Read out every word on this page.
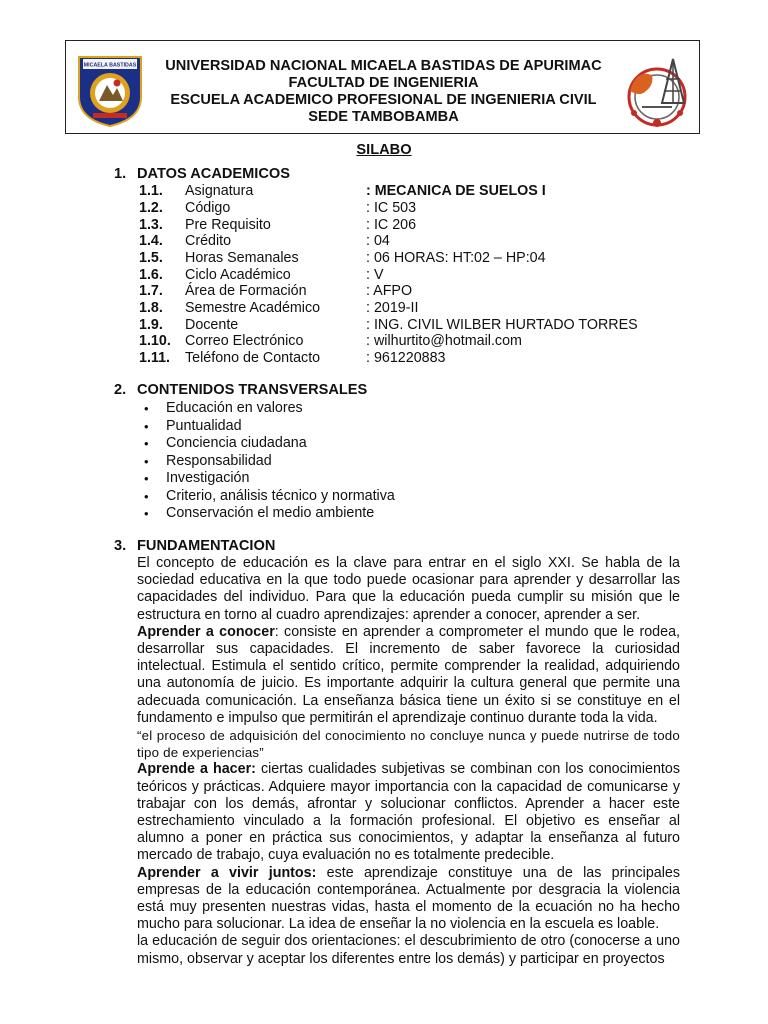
MICAELA BASTIDAS	UNIVERSIDAD NACIONAL MICAELA BASTIDAS DE APURIMAC
FACULTAD DE INGENIERIA
ESCUELA ACADEMICO PROFESIONAL DE INGENIERIA CIVIL
SEDE TAMBOBAMBA
SILABO
1. DATOS ACADEMICOS
1.1. Asignatura	: MECANICA DE SUELOS I
1.2. Código	: IC 503
1.3. Pre Requisito	: IC 206
1.4. Crédito	: 04
1.5. Horas Semanales	: 06 HORAS: HT:02 – HP:04
1.6. Ciclo Académico	: V
1.7. Área de Formación	: AFPO
1.8. Semestre Académico	: 2019-II
1.9. Docente	: ING. CIVIL WILBER HURTADO TORRES
1.10. Correo Electrónico	: wilhurtito@hotmail.com
1.11. Teléfono de Contacto	: 961220883
2. CONTENIDOS TRANSVERSALES
• Educación en valores
• Puntualidad
• Conciencia ciudadana
• Responsabilidad
• Investigación
• Criterio, análisis técnico y normativa
• Conservación el medio ambiente
3. FUNDAMENTACION

El concepto de educación es la clave para entrar en el siglo XXI. Se habla de la sociedad educativa en la que todo puede ocasionar para aprender y desarrollar las capacidades del individuo. Para que la educación pueda cumplir su misión que le estructura en torno al cuadro aprendizajes: aprender a conocer, aprender a ser.

Aprender a conocer: consiste en aprender a comprometer el mundo que le rodea, desarrollar sus capacidades. El incremento de saber favorece la curiosidad intelectual. Estimula el sentido crítico, permite comprender la realidad, adquiriendo una autonomía de juicio. Es importante adquirir la cultura general que permite una adecuada comunicación. La enseñanza básica tiene un éxito si se constituye en el fundamento e impulso que permitirán el aprendizaje continuo durante toda la vida.

“el proceso de adquisición del conocimiento no concluye nunca y puede nutrirse de todo tipo de experiencias”

Aprende a hacer: ciertas cualidades subjetivas se combinan con los conocimientos teóricos y prácticas. Adquiere mayor importancia con la capacidad de comunicarse y trabajar con los demás, afrontar y solucionar conflictos. Aprender a hacer este estrechamiento vinculado a la formación profesional. El objetivo es enseñar al alumno a poner en práctica sus conocimientos, y adaptar la enseñanza al futuro mercado de trabajo, cuya evaluación no es totalmente predecible.

Aprender a vivir juntos: este aprendizaje constituye una de las principales empresas de la educación contemporánea. Actualmente por desgracia la violencia está muy presenten nuestras vidas, hasta el momento de la ecuación no ha hecho mucho para solucionar. La idea de enseñar la no violencia en la escuela es loable.

la educación de seguir dos orientaciones: el descubrimiento de otro (conocerse a uno mismo, observar y aceptar los diferentes entre los demás) y participar en proyectos
